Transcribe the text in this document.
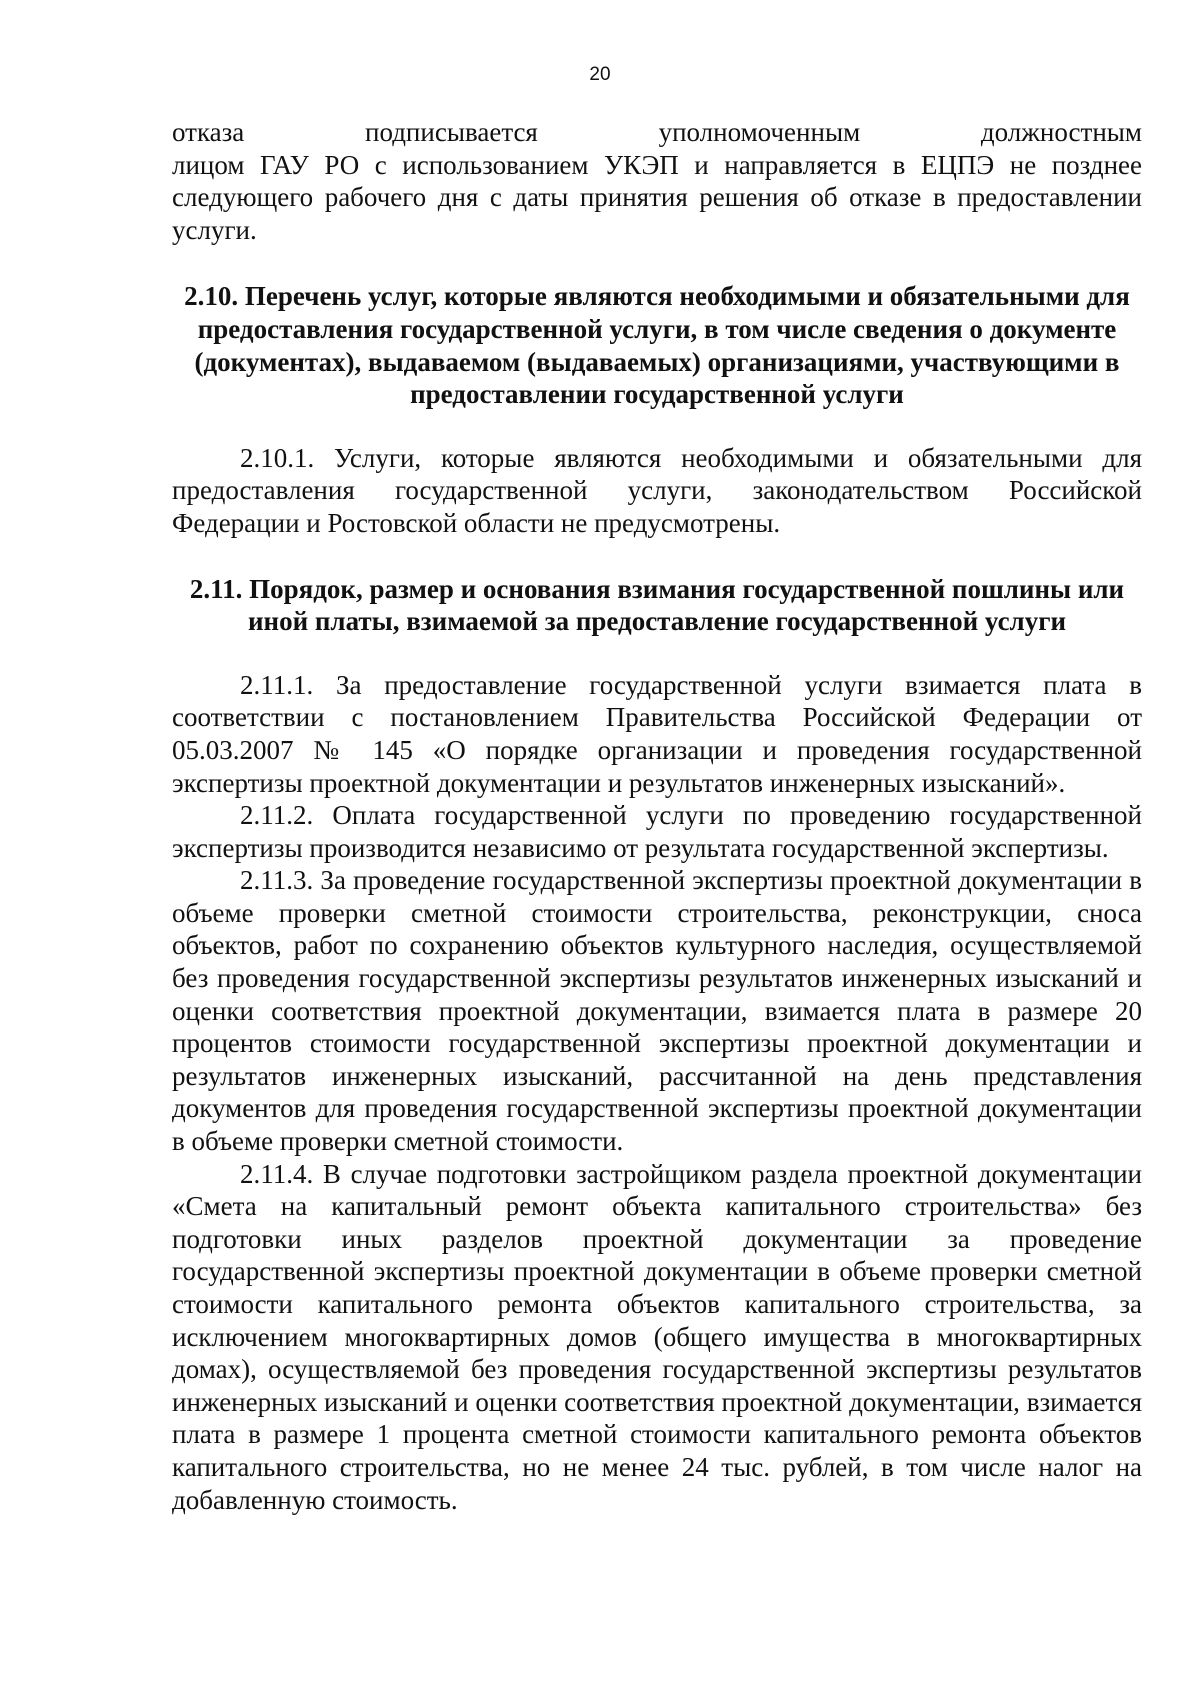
20

отказа подписывается уполномоченным должностным

лицом ГАУ РО с использованием УКЭП и направляется в ЕЦПЭ не позднее следующего рабочего дня с даты принятия решения об отказе в предоставлении услуги.

2.10. Перечень услуг, которые являются необходимыми и обязательными для предоставления государственной услуги, в том числе сведения о документе (документах), выдаваемом (выдаваемых) организациями, участвующими в предоставлении государственной услуги

2.10.1. Услуги, которые являются необходимыми и обязательными для предоставления государственной услуги, законодательством Российской Федерации и Ростовской области не предусмотрены.

2.11. Порядок, размер и основания взимания государственной пошлины или иной платы, взимаемой за предоставление государственной услуги

2.11.1. За предоставление государственной услуги взимается плата в соответствии с постановлением Правительства Российской Федерации от 05.03.2007 № 145 «О порядке организации и проведения государственной экспертизы проектной документации и результатов инженерных изысканий».

2.11.2. Оплата государственной услуги по проведению государственной экспертизы производится независимо от результата государственной экспертизы.

2.11.3. За проведение государственной экспертизы проектной документации в объеме проверки сметной стоимости строительства, реконструкции, сноса объектов, работ по сохранению объектов культурного наследия, осуществляемой без проведения государственной экспертизы результатов инженерных изысканий и оценки соответствия проектной документации, взимается плата в размере 20 процентов стоимости государственной экспертизы проектной документации и результатов инженерных изысканий, рассчитанной на день представления документов для проведения государственной экспертизы проектной документации в объеме проверки сметной стоимости.

2.11.4. В случае подготовки застройщиком раздела проектной документации «Смета на капитальный ремонт объекта капитального строительства» без подготовки иных разделов проектной документации за проведение государственной экспертизы проектной документации в объеме проверки сметной стоимости капитального ремонта объектов капитального строительства, за исключением многоквартирных домов (общего имущества в многоквартирных домах), осуществляемой без проведения государственной экспертизы результатов инженерных изысканий и оценки соответствия проектной документации, взимается плата в размере 1 процента сметной стоимости капитального ремонта объектов капитального строительства, но не менее 24 тыс. рублей, в том числе налог на добавленную стоимость.
